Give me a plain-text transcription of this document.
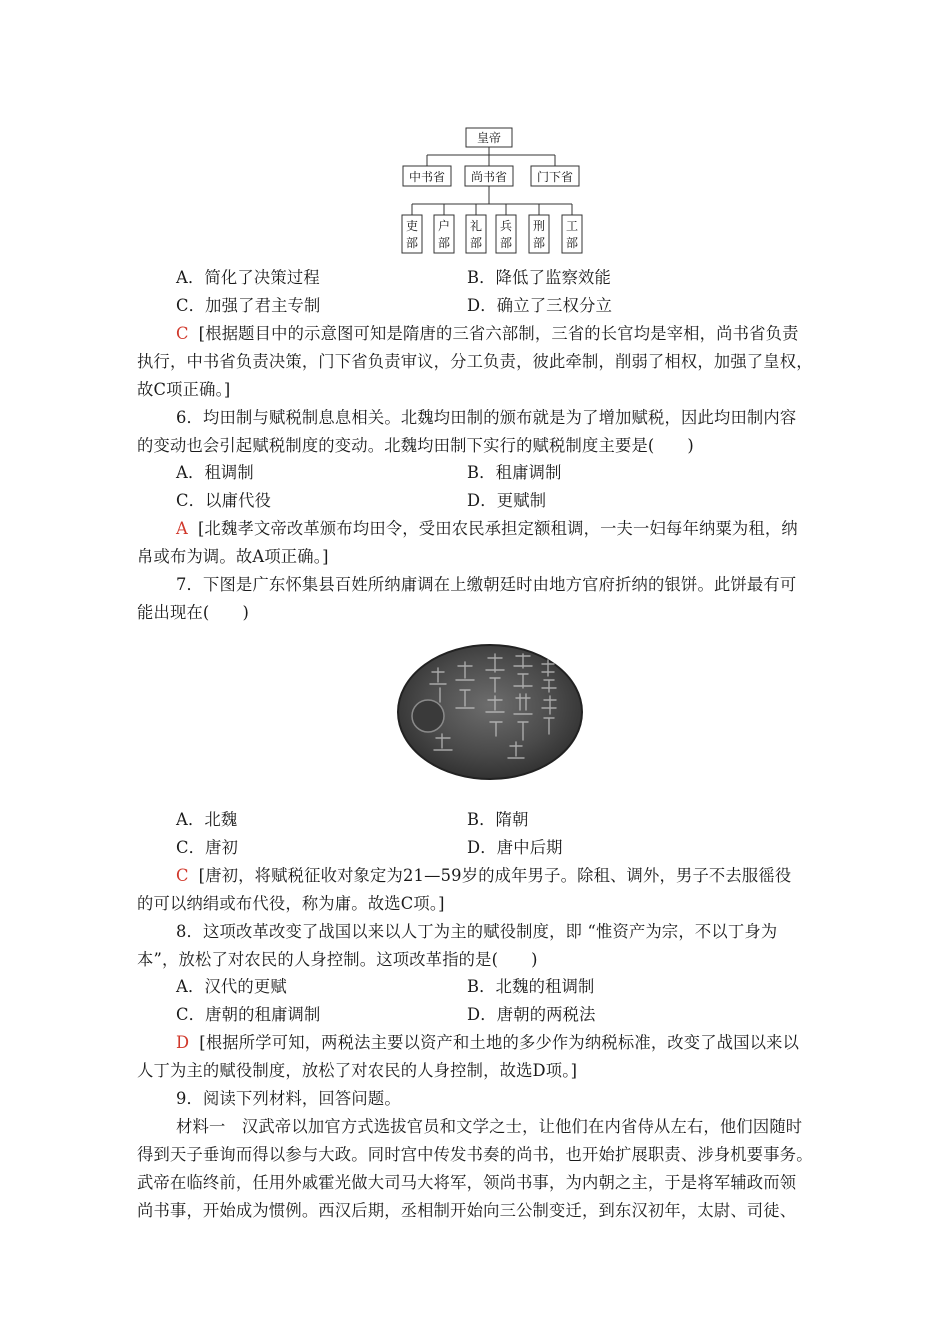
皇帝
中书省 尚书省 门下省
吏
部
户
部
礼
部
兵
部
刑
部
工
部
A．简化了决策过程	B．降低了监察效能
C．加强了君主专制	D．确立了三权分立
C [根据题目中的示意图可知是隋唐的三省六部制，三省的长官均是宰相，尚书省负责
执行，中书省负责决策，门下省负责审议，分工负责，彼此牵制，削弱了相权，加强了皇权，
故C项正确。]
6．均田制与赋税制息息相关。北魏均田制的颁布就是为了增加赋税，因此均田制内容
的变动也会引起赋税制度的变动。北魏均田制下实行的赋税制度主要是(　　)
A．租调制	B．租庸调制
C．以庸代役	D．更赋制
A [北魏孝文帝改革颁布均田令，受田农民承担定额租调，一夫一妇每年纳粟为租，纳
帛或布为调。故A项正确。]
7．下图是广东怀集县百姓所纳庸调在上缴朝廷时由地方官府折纳的银饼。此饼最有可
能出现在(　　)
A．北魏	B．隋朝
C．唐初	D．唐中后期
C [唐初，将赋税征收对象定为21—59岁的成年男子。除租、调外，男子不去服徭役
的可以纳绢或布代役，称为庸。故选C项。]
8．这项改革改变了战国以来以人丁为主的赋役制度，即 “惟资产为宗，不以丁身为
本”，放松了对农民的人身控制。这项改革指的是(　　)
A．汉代的更赋	B．北魏的租调制
C．唐朝的租庸调制	D．唐朝的两税法
D [根据所学可知，两税法主要以资产和土地的多少作为纳税标准，改变了战国以来以
人丁为主的赋役制度，放松了对农民的人身控制，故选D项。]
9．阅读下列材料，回答问题。
材料一　汉武帝以加官方式选拔官员和文学之士，让他们在内省侍从左右，他们因随时
得到天子垂询而得以参与大政。同时宫中传发书奏的尚书，也开始扩展职责、涉身机要事务。
武帝在临终前，任用外戚霍光做大司马大将军，领尚书事，为内朝之主，于是将军辅政而领
尚书事，开始成为惯例。西汉后期，丞相制开始向三公制变迁，到东汉初年，太尉、司徒、
